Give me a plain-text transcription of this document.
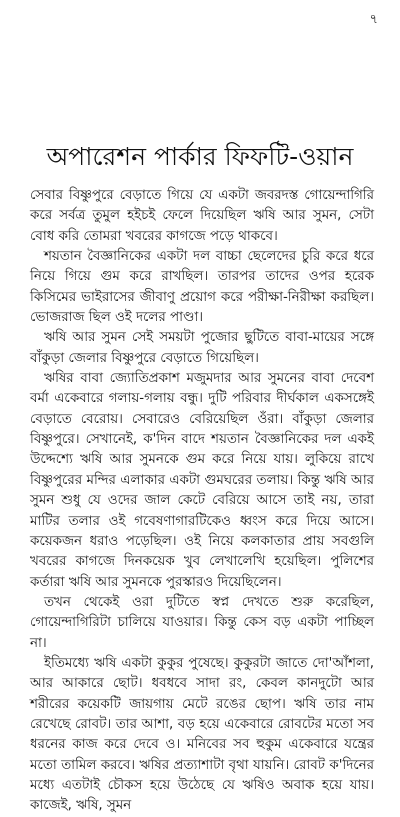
৭
অপারেশন পার্কার ফিফটি-ওয়ান

সেবার বিষ্ণুপুরে বেড়াতে গিয়ে যে একটা জবরদস্ত গোয়েন্দাগিরি করে সর্বত্র তুমুল হইচই ফেলে দিয়েছিল ঋষি আর সুমন, সেটা বোধ করি তোমরা খবরের কাগজে পড়ে থাকবে।

শয়তান বৈজ্ঞানিকের একটা দল বাচ্চা ছেলেদের চুরি করে ধরে নিয়ে গিয়ে গুম করে রাখছিল। তারপর তাদের ওপর হরেক কিসিমের ভাইরাসের জীবাণু প্রয়োগ করে পরীক্ষা-নিরীক্ষা করছিল। ভোজরাজ ছিল ওই দলের পাণ্ডা।

ঋষি আর সুমন সেই সময়টা পুজোর ছুটিতে বাবা-মায়ের সঙ্গে বাঁকুড়া জেলার বিষ্ণুপুরে বেড়াতে গিয়েছিল।

ঋষির বাবা জ্যোতিপ্রকাশ মজুমদার আর সুমনের বাবা দেবেশ বর্মা একেবারে গলায়-গলায় বন্ধু। দুটি পরিবার দীর্ঘকাল একসঙ্গেই বেড়াতে বেরোয়। সেবারেও বেরিয়েছিল ওঁরা। বাঁকুড়া জেলার বিষ্ণুপুরে। সেখানেই, ক'দিন বাদে শয়তান বৈজ্ঞানিকের দল একই উদ্দেশ্যে ঋষি আর সুমনকে গুম করে নিয়ে যায়। লুকিয়ে রাখে বিষ্ণুপুরের মন্দির এলাকার একটা গুমঘরের তলায়। কিন্তু ঋষি আর সুমন শুধু যে ওদের জাল কেটে বেরিয়ে আসে তাই নয়, তারা মাটির তলার ওই গবেষণাগারটিকেও ধ্বংস করে দিয়ে আসে। কয়েকজন ধরাও পড়েছিল। ওই নিয়ে কলকাতার প্রায় সবগুলি খবরের কাগজে দিনকয়েক খুব লেখালেখি হয়েছিল। পুলিশের কর্তারা ঋষি আর সুমনকে পুরস্কারও দিয়েছিলেন।

তখন থেকেই ওরা দুটিতে স্বপ্ন দেখতে শুরু করেছিল, গোয়েন্দাগিরিটা চালিয়ে যাওয়ার। কিন্তু কেস বড় একটা পাচ্ছিল না।

ইতিমধ্যে ঋষি একটা কুকুর পুষেছে। কুকুরটা জাতে দো'আঁশলা, আর আকারে ছোট। ধবধবে সাদা রং, কেবল কানদুটো আর শরীরের কয়েকটি জায়গায় মেটে রঙের ছোপ। ঋষি তার নাম রেখেছে রোবট। তার আশা, বড় হয়ে একেবারে রোবটের মতো সব ধরনের কাজ করে দেবে ও। মনিবের সব হুকুম একেবারে যন্ত্রের মতো তামিল করবে। ঋষির প্রত্যাশাটা বৃথা যায়নি। রোবট ক'দিনের মধ্যে এতটাই চৌকস হয়ে উঠেছে যে ঋষিও অবাক হয়ে যায়। কাজেই, ঋষি, সুমন
